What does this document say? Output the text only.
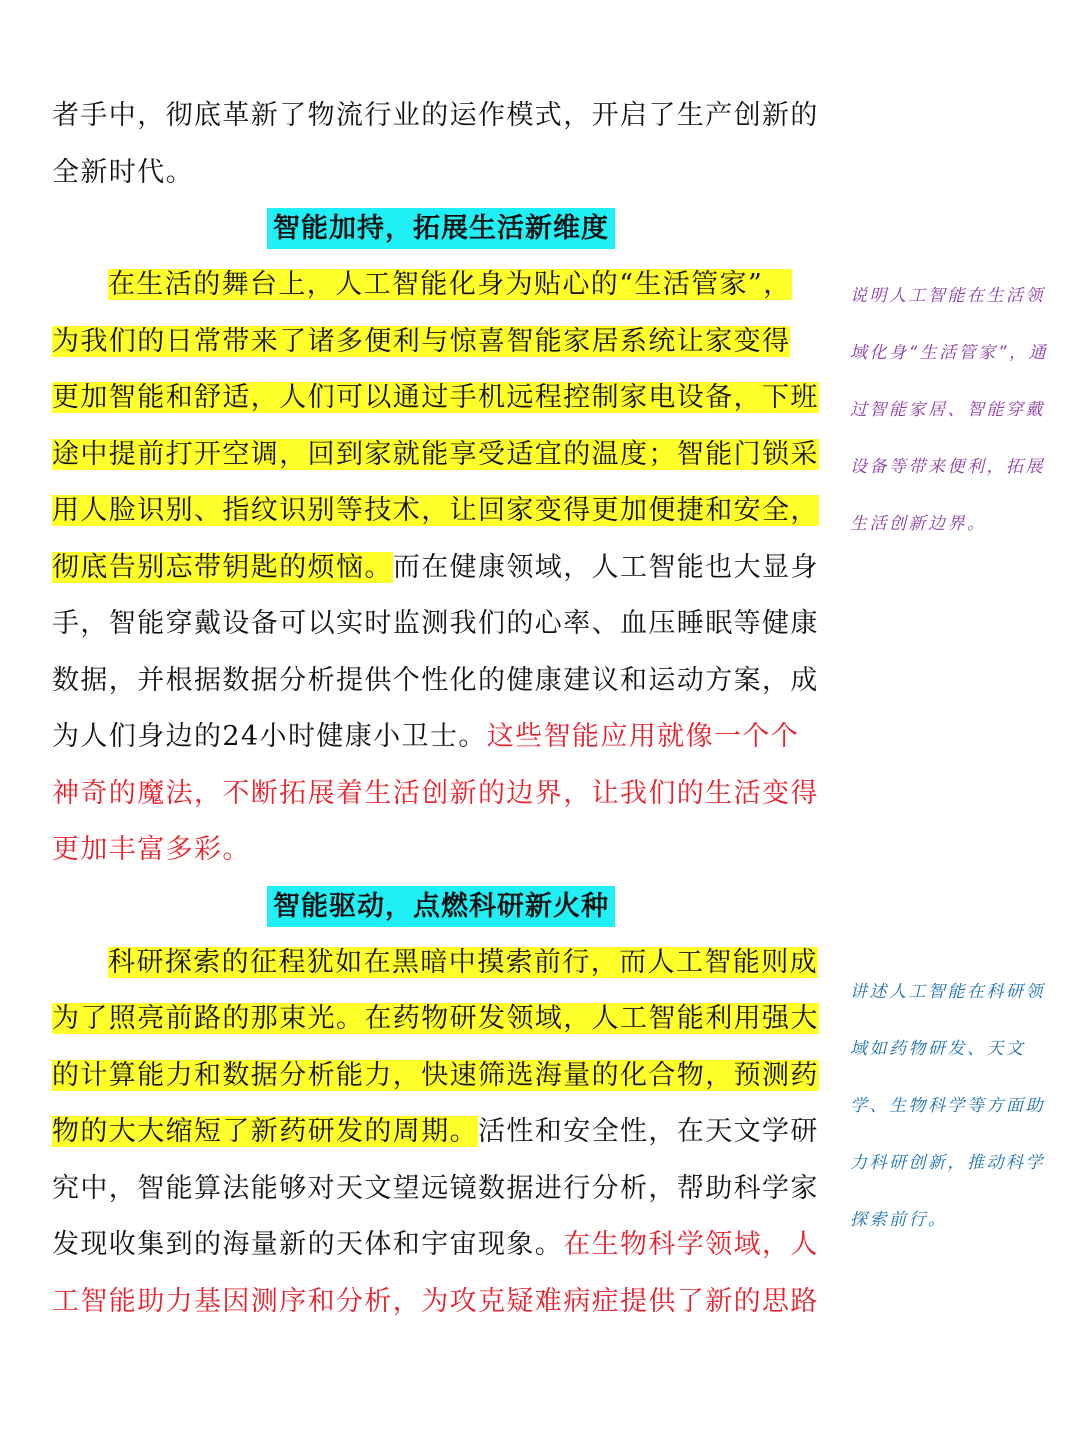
者手中，彻底革新了物流行业的运作模式，开启了生产创新的
全新时代。
智能加持，拓展生活新维度
在生活的舞台上，人工智能化身为贴心的“生活管家”，
为我们的日常带来了诸多便利与惊喜智能家居系统让家变得
更加智能和舒适，人们可以通过手机远程控制家电设备，下班
途中提前打开空调，回到家就能享受适宜的温度；智能门锁采
用人脸识别、指纹识别等技术，让回家变得更加便捷和安全，
彻底告别忘带钥匙的烦恼。而在健康领域，人工智能也大显身
手，智能穿戴设备可以实时监测我们的心率、血压睡眠等健康
数据，并根据数据分析提供个性化的健康建议和运动方案，成
为人们身边的24小时健康小卫士。这些智能应用就像一个个
神奇的魔法，不断拓展着生活创新的边界，让我们的生活变得
更加丰富多彩。
智能驱动，点燃科研新火种
科研探索的征程犹如在黑暗中摸索前行，而人工智能则成
为了照亮前路的那束光。在药物研发领域，人工智能利用强大
的计算能力和数据分析能力，快速筛选海量的化合物，预测药
物的大大缩短了新药研发的周期。活性和安全性，在天文学研
究中，智能算法能够对天文望远镜数据进行分析，帮助科学家
发现收集到的海量新的天体和宇宙现象。在生物科学领域，人
工智能助力基因测序和分析，为攻克疑难病症提供了新的思路
说明人工智能在生活领域化身“生活管家”，通过智能家居、智能穿戴设备等带来便利，拓展生活创新边界。
讲述人工智能在科研领域如药物研发、天文学、生物科学等方面助力科研创新，推动科学探索前行。
